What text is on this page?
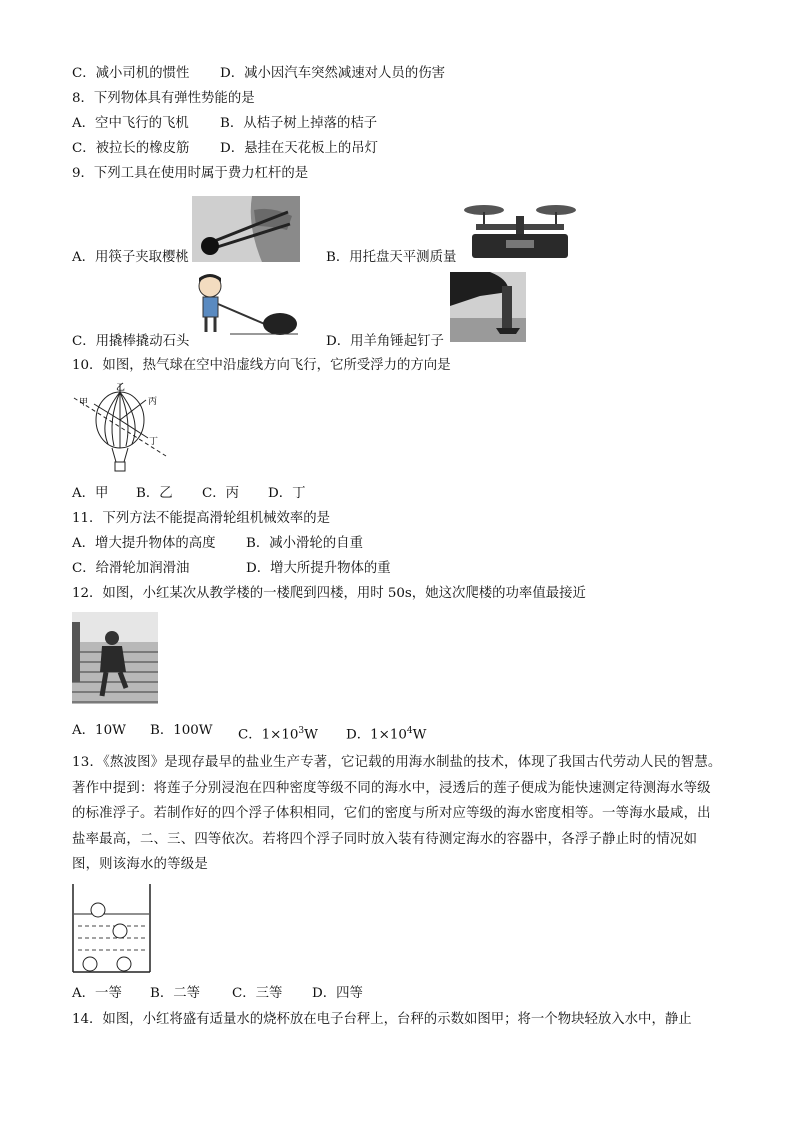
C．减小司机的惯性 D．减小因汽车突然减速对人员的伤害
8．下列物体具有弹性势能的是
A．空中飞行的飞机 B．从桔子树上掉落的桔子
C．被拉长的橡皮筋 D．悬挂在天花板上的吊灯
9．下列工具在使用时属于费力杠杆的是
A．用筷子夹取樱桃	B．用托盘天平测质量
C．用撬棒撬动石头	D．用羊角锤起钉子
10．如图，热气球在空中沿虚线方向飞行，它所受浮力的方向是
甲
乙
丙
丁
A．甲 B．乙 C．丙 D．丁
11．下列方法不能提高滑轮组机械效率的是
A．增大提升物体的高度 B．减小滑轮的自重
C．给滑轮加润滑油	D．增大所提升物体的重
12．如图，小红某次从教学楼的一楼爬到四楼，用时 50s，她这次爬楼的功率值最接近
A．10W B．100W C．$1\times 10^3W$ D．$1\times 10^4W$
13．《熬波图》是现存最早的盐业生产专著，它记载的用海水制盐的技术，体现了我国古代劳动人民的智慧。著作中提到：将莲子分别浸泡在四种密度等级不同的海水中，浸透后的莲子便成为能快速测定待测海水等级的标准浮子。若制作好的四个浮子体积相同，它们的密度与所对应等级的海水密度相等。一等海水最咸，出盐率最高，二、三、四等依次。若将四个浮子同时放入装有待测定海水的容器中，各浮子静止时的情况如图，则该海水的等级是
A．一等 B．二等 C．三等 D．四等
14．如图，小红将盛有适量水的烧杯放在电子台秤上，台秤的示数如图甲；将一个物块轻放入水中，静止
